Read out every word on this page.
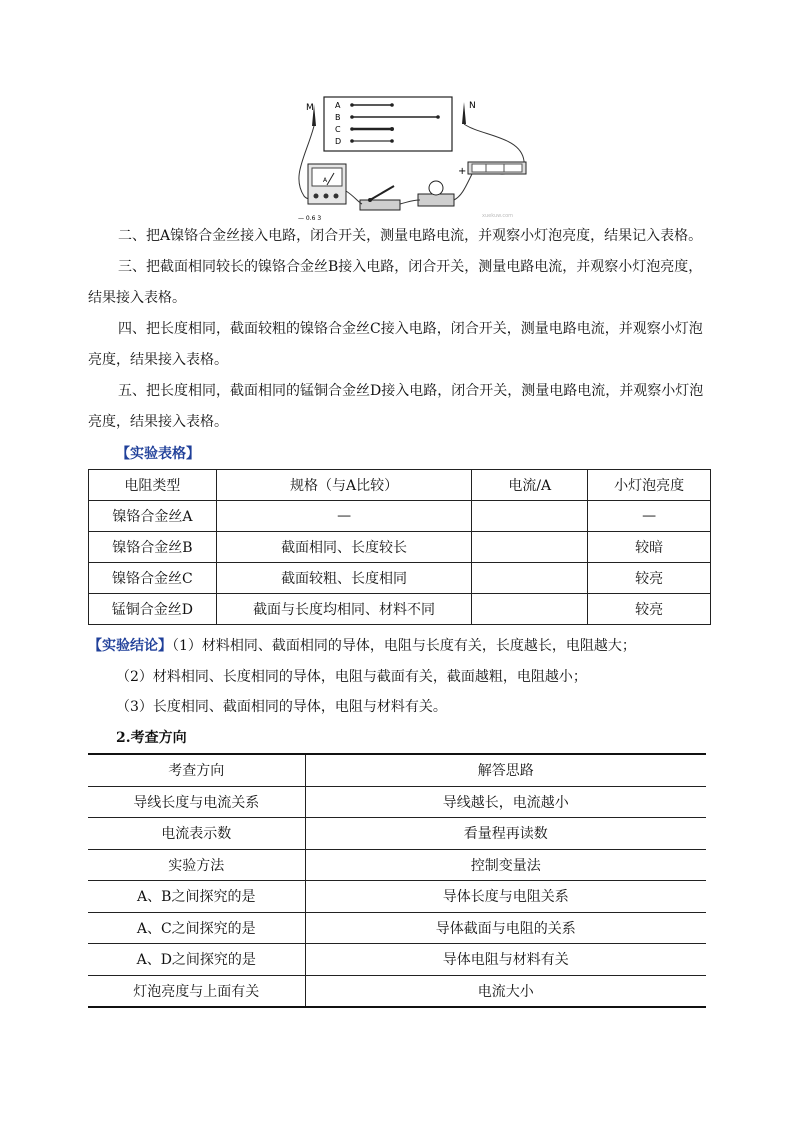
M	N
A
B
C
D
A
— 0.6 3
+
xuekuw.com
二、把A镍铬合金丝接入电路，闭合开关，测量电路电流，并观察小灯泡亮度，结果记入表格。
三、把截面相同较长的镍铬合金丝B接入电路，闭合开关，测量电路电流，并观察小灯泡亮度，结果接入表格。
四、把长度相同，截面较粗的镍铬合金丝C接入电路，闭合开关，测量电路电流，并观察小灯泡亮度，结果接入表格。
五、把长度相同，截面相同的锰铜合金丝D接入电路，闭合开关，测量电路电流，并观察小灯泡亮度，结果接入表格。
【实验表格】
电阻类型	规格（与A比较）	电流/A	小灯泡亮度
镍铬合金丝A	—		—
镍铬合金丝B	截面相同、长度较长		较暗
镍铬合金丝C	截面较粗、长度相同		较亮
锰铜合金丝D	截面与长度均相同、材料不同		较亮
【实验结论】（1）材料相同、截面相同的导体，电阻与长度有关，长度越长，电阻越大；
（2）材料相同、长度相同的导体，电阻与截面有关，截面越粗，电阻越小；
（3）长度相同、截面相同的导体，电阻与材料有关。
2.考查方向
考查方向	解答思路
导线长度与电流关系	导线越长，电流越小
电流表示数	看量程再读数
实验方法	控制变量法
A、B之间探究的是	导体长度与电阻关系
A、C之间探究的是	导体截面与电阻的关系
A、D之间探究的是	导体电阻与材料有关
灯泡亮度与上面有关	电流大小
